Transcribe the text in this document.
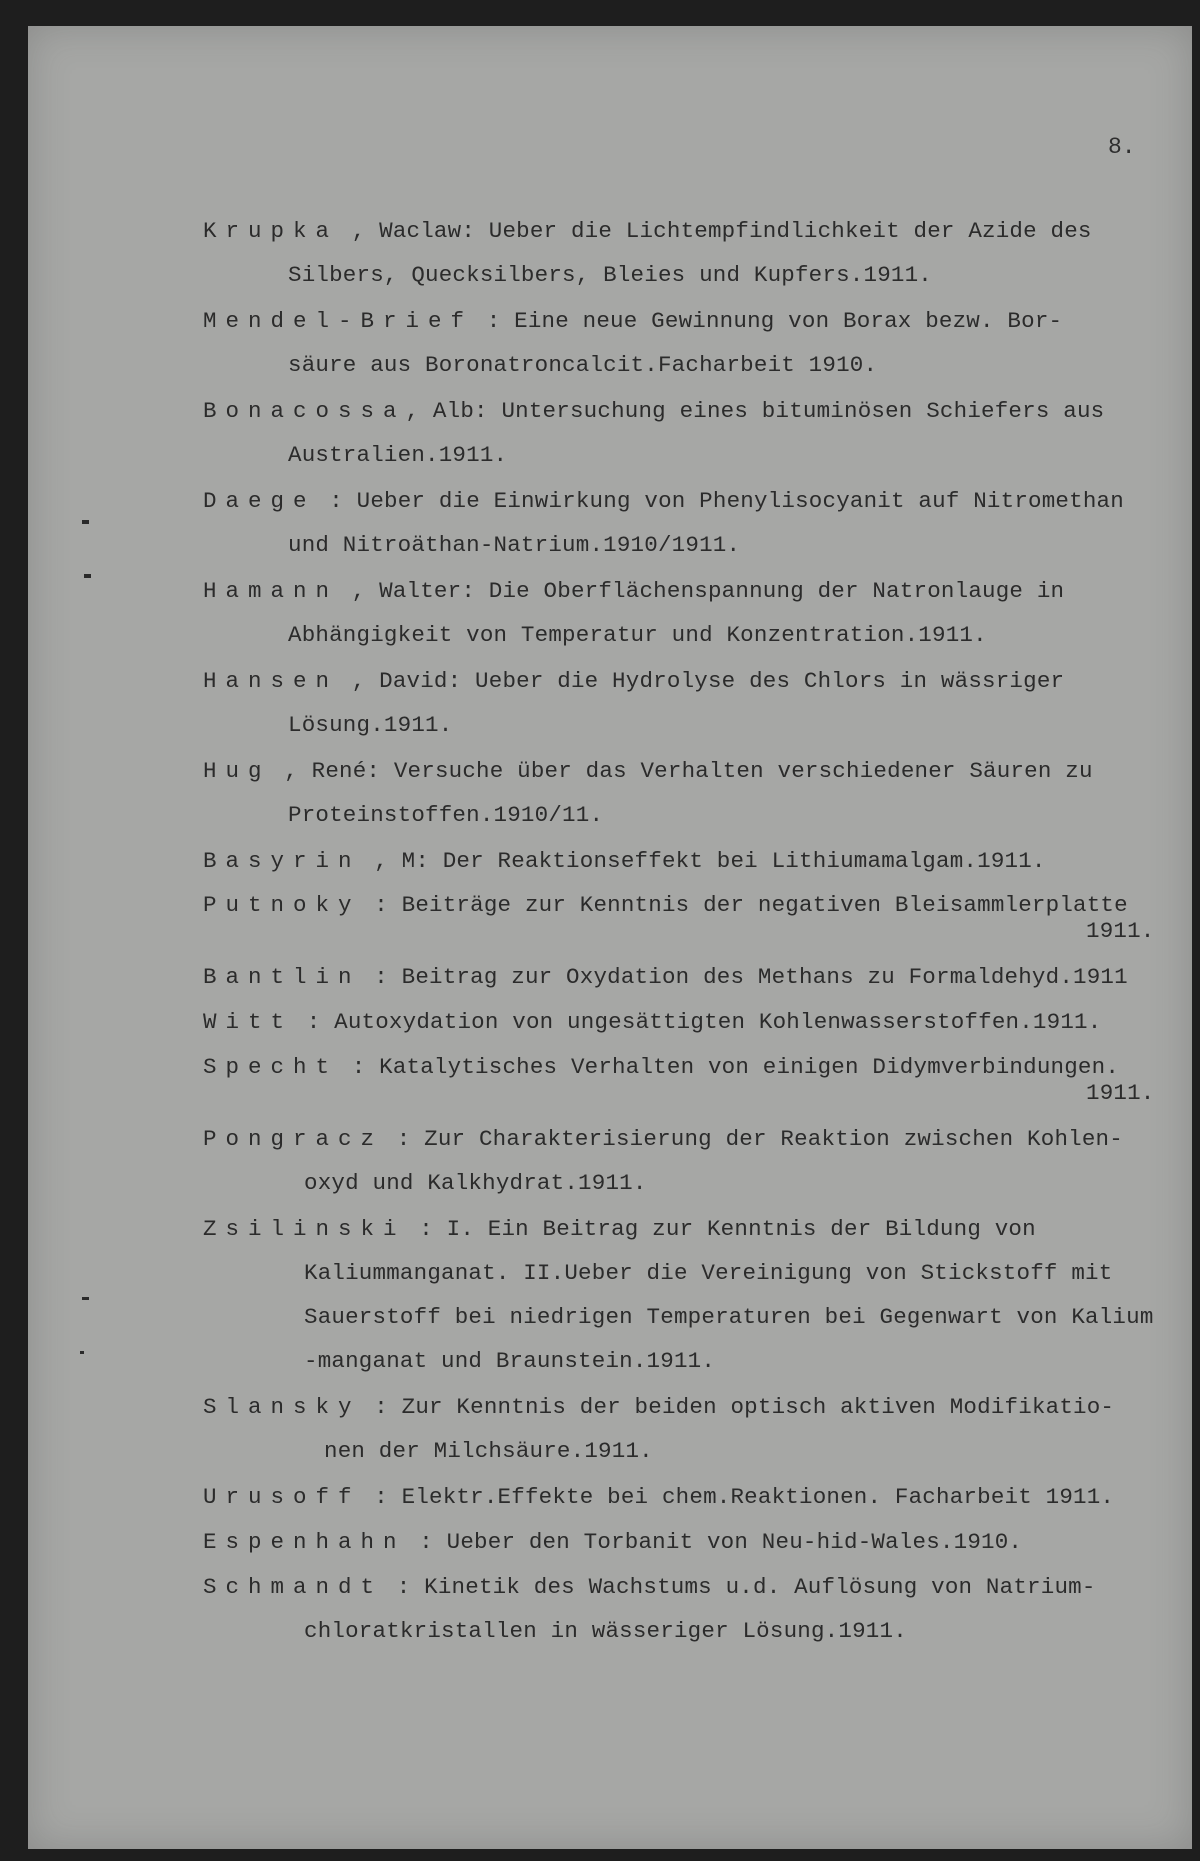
8.
Krupka , Waclaw: Ueber die Lichtempfindlichkeit der Azide des
Silbers, Quecksilbers, Bleies und Kupfers.1911.
Mendel-Brief : Eine neue Gewinnung von Borax bezw. Bor-
säure aus Boronatroncalcit.Facharbeit 1910.
Bonacossa, Alb: Untersuchung eines bituminösen Schiefers aus
Australien.1911.
Daege : Ueber die Einwirkung von Phenylisocyanit auf Nitromethan
und Nitroäthan-Natrium.1910/1911.
Hamann , Walter: Die Oberflächenspannung der Natronlauge in
Abhängigkeit von Temperatur und Konzentration.1911.
Hansen , David: Ueber die Hydrolyse des Chlors in wässriger
Lösung.1911.
Hug , René: Versuche über das Verhalten verschiedener Säuren zu
Proteinstoffen.1910/11.
Basyrin , M: Der Reaktionseffekt bei Lithiumamalgam.1911.
Putnoky : Beiträge zur Kenntnis der negativen Bleisammlerplatte
1911.
Bantlin : Beitrag zur Oxydation des Methans zu Formaldehyd.1911
Witt : Autoxydation von ungesättigten Kohlenwasserstoffen.1911.
Specht : Katalytisches Verhalten von einigen Didymverbindungen.
1911.
Pongracz : Zur Charakterisierung der Reaktion zwischen Kohlen-
oxyd und Kalkhydrat.1911.
Zsilinski : I. Ein Beitrag zur Kenntnis der Bildung von
Kaliummanganat. II.Ueber die Vereinigung von Stickstoff mit
Sauerstoff bei niedrigen Temperaturen bei Gegenwart von Kalium
-manganat und Braunstein.1911.
Slansky : Zur Kenntnis der beiden optisch aktiven Modifikatio-
nen der Milchsäure.1911.
Urusoff : Elektr.Effekte bei chem.Reaktionen. Facharbeit 1911.
Espenhahn : Ueber den Torbanit von Neu-hid-Wales.1910.
Schmandt : Kinetik des Wachstums u.d. Auflösung von Natrium-
chloratkristallen in wässeriger Lösung.1911.
